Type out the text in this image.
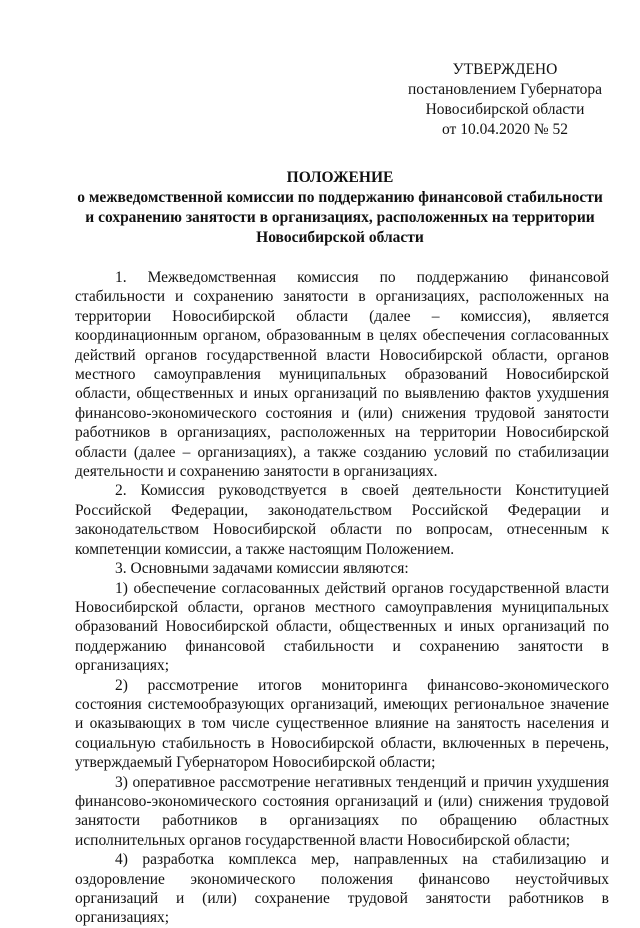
УТВЕРЖДЕНО
постановлением Губернатора
Новосибирской области
от 10.04.2020 № 52
ПОЛОЖЕНИЕ
о межведомственной комиссии по поддержанию финансовой стабильности
и сохранению занятости в организациях, расположенных на территории
Новосибирской области

1. Межведомственная комиссия по поддержанию финансовой стабильности и сохранению занятости в организациях, расположенных на территории Новосибирской области (далее – комиссия), является координационным органом, образованным в целях обеспечения согласованных действий органов государственной власти Новосибирской области, органов местного самоуправления муниципальных образований Новосибирской области, общественных и иных организаций по выявлению фактов ухудшения финансово-экономического состояния и (или) снижения трудовой занятости работников в организациях, расположенных на территории Новосибирской области (далее – организациях), а также созданию условий по стабилизации деятельности и сохранению занятости в организациях.

2. Комиссия руководствуется в своей деятельности Конституцией Российской Федерации, законодательством Российской Федерации и законодательством Новосибирской области по вопросам, отнесенным к компетенции комиссии, а также настоящим Положением.

3. Основными задачами комиссии являются:

1) обеспечение согласованных действий органов государственной власти Новосибирской области, органов местного самоуправления муниципальных образований Новосибирской области, общественных и иных организаций по поддержанию финансовой стабильности и сохранению занятости в организациях;

2) рассмотрение итогов мониторинга финансово-экономического состояния системообразующих организаций, имеющих региональное значение и оказывающих в том числе существенное влияние на занятость населения и социальную стабильность в Новосибирской области, включенных в перечень, утверждаемый Губернатором Новосибирской области;

3) оперативное рассмотрение негативных тенденций и причин ухудшения финансово-экономического состояния организаций и (или) снижения трудовой занятости работников в организациях по обращению областных исполнительных органов государственной власти Новосибирской области;

4) разработка комплекса мер, направленных на стабилизацию и оздоровление экономического положения финансово неустойчивых организаций и (или) сохранение трудовой занятости работников в организациях;
